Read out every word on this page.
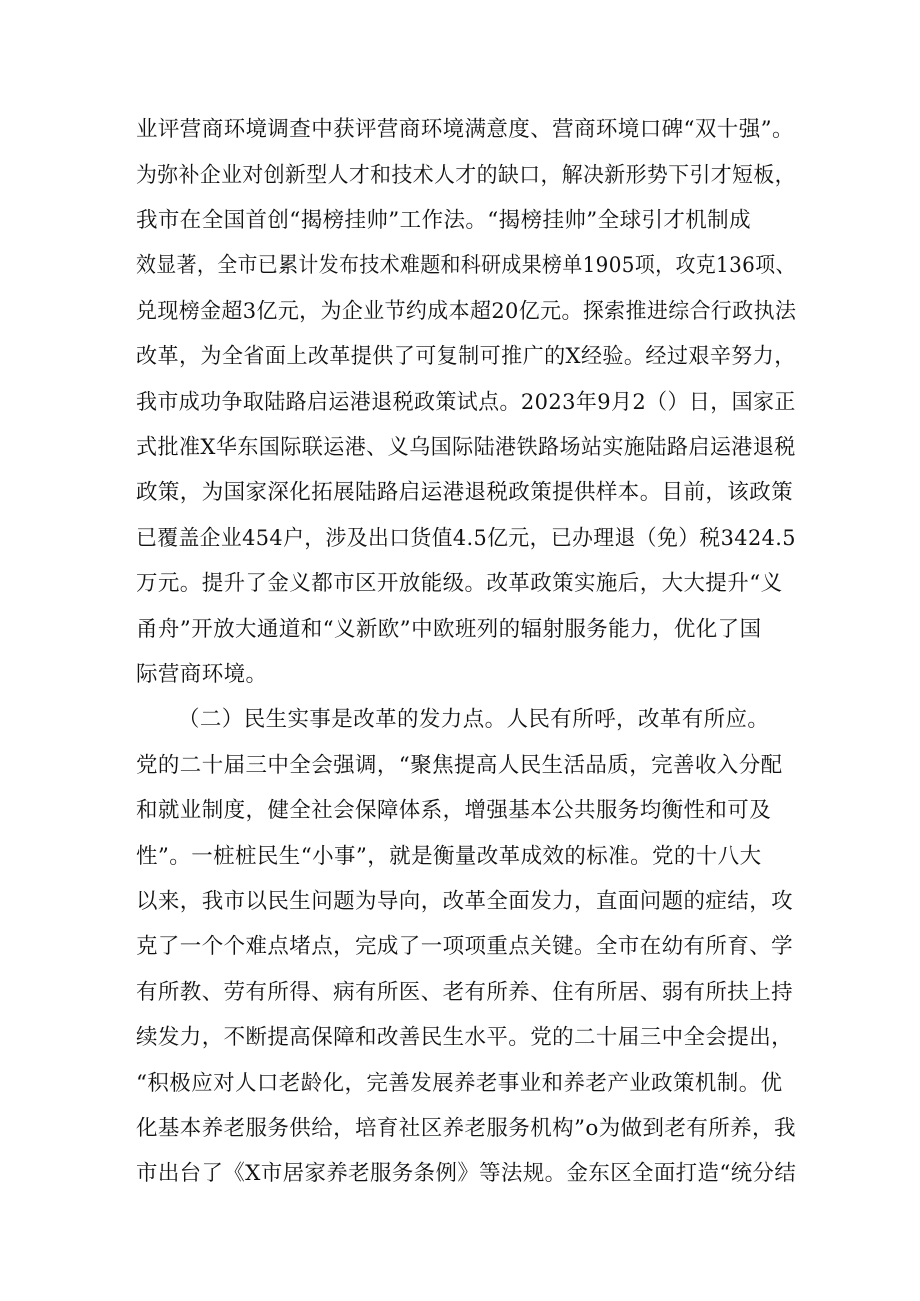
业评营商环境调查中获评营商环境满意度、营商环境口碑“双十强”。
为弥补企业对创新型人才和技术人才的缺口，解决新形势下引才短板，
我市在全国首创“揭榜挂帅”工作法。“揭榜挂帅”全球引才机制成
效显著，全市已累计发布技术难题和科研成果榜单1905项，攻克136项、
兑现榜金超3亿元，为企业节约成本超20亿元。探索推进综合行政执法
改革，为全省面上改革提供了可复制可推广的X经验。经过艰辛努力，
我市成功争取陆路启运港退税政策试点。2023年9月2（）日，国家正
式批准X华东国际联运港、义乌国际陆港铁路场站实施陆路启运港退税
政策，为国家深化拓展陆路启运港退税政策提供样本。目前，该政策
已覆盖企业454户，涉及出口货值4.5亿元，已办理退（免）税3424.5
万元。提升了金义都市区开放能级。改革政策实施后，大大提升“义
甬舟”开放大通道和“义新欧”中欧班列的辐射服务能力，优化了国
际营商环境。
（二）民生实事是改革的发力点。人民有所呼，改革有所应。
党的二十届三中全会强调，“聚焦提高人民生活品质，完善收入分配
和就业制度，健全社会保障体系，增强基本公共服务均衡性和可及
性”。一桩桩民生“小事”，就是衡量改革成效的标准。党的十八大
以来，我市以民生问题为导向，改革全面发力，直面问题的症结，攻
克了一个个难点堵点，完成了一项项重点关键。全市在幼有所育、学
有所教、劳有所得、病有所医、老有所养、住有所居、弱有所扶上持
续发力，不断提高保障和改善民生水平。党的二十届三中全会提出，
“积极应对人口老龄化，完善发展养老事业和养老产业政策机制。优
化基本养老服务供给，培育社区养老服务机构”o为做到老有所养，我
市出台了《X市居家养老服务条例》等法规。金东区全面打造“统分结
